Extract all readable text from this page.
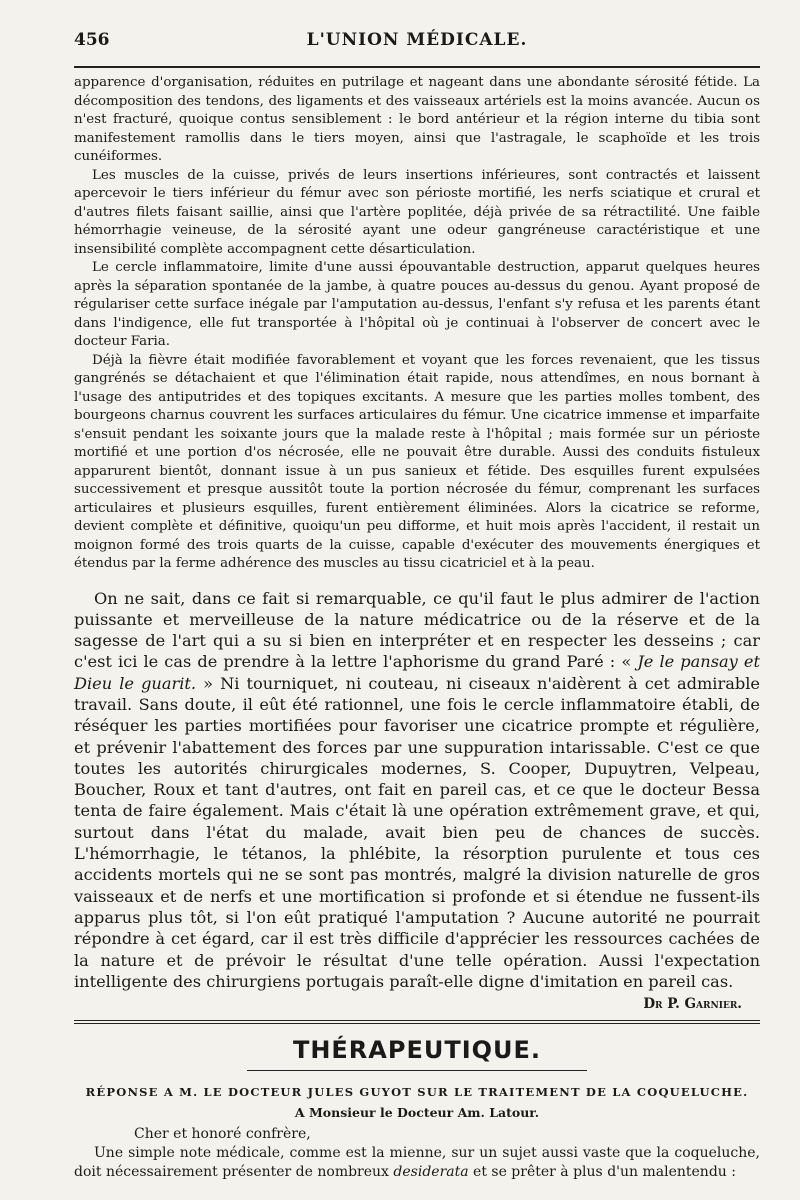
456	L'UNION MÉDICALE.

apparence d'organisation, réduites en putrilage et nageant dans une abondante sérosité fétide. La décomposition des tendons, des ligaments et des vaisseaux artériels est la moins avancée. Aucun os n'est fracturé, quoique contus sensiblement : le bord antérieur et la région interne du tibia sont manifestement ramollis dans le tiers moyen, ainsi que l'astragale, le scaphoïde et les trois cunéiformes.

Les muscles de la cuisse, privés de leurs insertions inférieures, sont contractés et laissent apercevoir le tiers inférieur du fémur avec son périoste mortifié, les nerfs sciatique et crural et d'autres filets faisant saillie, ainsi que l'artère poplitée, déjà privée de sa rétractilité. Une faible hémorrhagie veineuse, de la sérosité ayant une odeur gangréneuse caractéristique et une insensibilité complète accompagnent cette désarticulation.

Le cercle inflammatoire, limite d'une aussi épouvantable destruction, apparut quelques heures après la séparation spontanée de la jambe, à quatre pouces au-dessus du genou. Ayant proposé de régulariser cette surface inégale par l'amputation au-dessus, l'enfant s'y refusa et les parents étant dans l'indigence, elle fut transportée à l'hôpital où je continuai à l'observer de concert avec le docteur Faria.

Déjà la fièvre était modifiée favorablement et voyant que les forces revenaient, que les tissus gangrénés se détachaient et que l'élimination était rapide, nous attendîmes, en nous bornant à l'usage des antiputrides et des topiques excitants. A mesure que les parties molles tombent, des bourgeons charnus couvrent les surfaces articulaires du fémur. Une cicatrice immense et imparfaite s'ensuit pendant les soixante jours que la malade reste à l'hôpital ; mais formée sur un périoste mortifié et une portion d'os nécrosée, elle ne pouvait être durable. Aussi des conduits fistuleux apparurent bientôt, donnant issue à un pus sanieux et fétide. Des esquilles furent expulsées successivement et presque aussitôt toute la portion nécrosée du fémur, comprenant les surfaces articulaires et plusieurs esquilles, furent entièrement éliminées. Alors la cicatrice se reforme, devient complète et définitive, quoiqu'un peu difforme, et huit mois après l'accident, il restait un moignon formé des trois quarts de la cuisse, capable d'exécuter des mouvements énergiques et étendus par la ferme adhérence des muscles au tissu cicatriciel et à la peau.

On ne sait, dans ce fait si remarquable, ce qu'il faut le plus admirer de l'action puissante et merveilleuse de la nature médicatrice ou de la réserve et de la sagesse de l'art qui a su si bien en interpréter et en respecter les desseins ; car c'est ici le cas de prendre à la lettre l'aphorisme du grand Paré : « Je le pansay et Dieu le guarit. » Ni tourniquet, ni couteau, ni ciseaux n'aidèrent à cet admirable travail. Sans doute, il eût été rationnel, une fois le cercle inflammatoire établi, de réséquer les parties mortifiées pour favoriser une cicatrice prompte et régulière, et prévenir l'abattement des forces par une suppuration intarissable. C'est ce que toutes les autorités chirurgicales modernes, S. Cooper, Dupuytren, Velpeau, Boucher, Roux et tant d'autres, ont fait en pareil cas, et ce que le docteur Bessa tenta de faire également. Mais c'était là une opération extrêmement grave, et qui, surtout dans l'état du malade, avait bien peu de chances de succès. L'hémorrhagie, le tétanos, la phlébite, la résorption purulente et tous ces accidents mortels qui ne se sont pas montrés, malgré la division naturelle de gros vaisseaux et de nerfs et une mortification si profonde et si étendue ne fussent-ils apparus plus tôt, si l'on eût pratiqué l'amputation ? Aucune autorité ne pourrait répondre à cet égard, car il est très difficile d'apprécier les ressources cachées de la nature et de prévoir le résultat d'une telle opération. Aussi l'expectation intelligente des chirurgiens portugais paraît-elle digne d'imitation en pareil cas.

Dr P. Garnier.
THÉRAPEUTIQUE.
RÉPONSE A M. LE DOCTEUR JULES GUYOT SUR LE TRAITEMENT DE LA COQUELUCHE.
A Monsieur le Docteur Am. Latour.
Cher et honoré confrère,

Une simple note médicale, comme est la mienne, sur un sujet aussi vaste que la coqueluche, doit nécessairement présenter de nombreux desiderata et se prêter à plus d'un malentendu :
